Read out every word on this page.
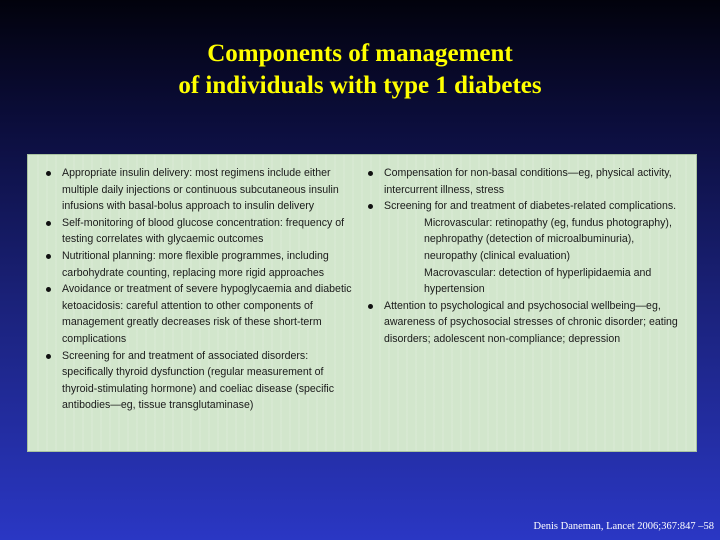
Components of management
of individuals with type 1 diabetes
Appropriate insulin delivery: most regimens include either multiple daily injections or continuous subcutaneous insulin infusions with basal-bolus approach to insulin delivery
Self-monitoring of blood glucose concentration: frequency of testing correlates with glycaemic outcomes
Nutritional planning: more flexible programmes, including carbohydrate counting, replacing more rigid approaches
Avoidance or treatment of severe hypoglycaemia and diabetic ketoacidosis: careful attention to other components of management greatly decreases risk of these short-term complications
Screening for and treatment of associated disorders: specifically thyroid dysfunction (regular measurement of thyroid-stimulating hormone) and coeliac disease (specific antibodies—eg, tissue transglutaminase)
Compensation for non-basal conditions—eg, physical activity, intercurrent illness, stress
Screening for and treatment of diabetes-related complications.
Microvascular: retinopathy (eg, fundus photography), nephropathy (detection of microalbuminuria), neuropathy (clinical evaluation)
Macrovascular: detection of hyperlipidaemia and hypertension
Attention to psychological and psychosocial wellbeing—eg, awareness of psychosocial stresses of chronic disorder; eating disorders; adolescent non-compliance; depression
Denis Daneman, Lancet 2006;367:847 –58
